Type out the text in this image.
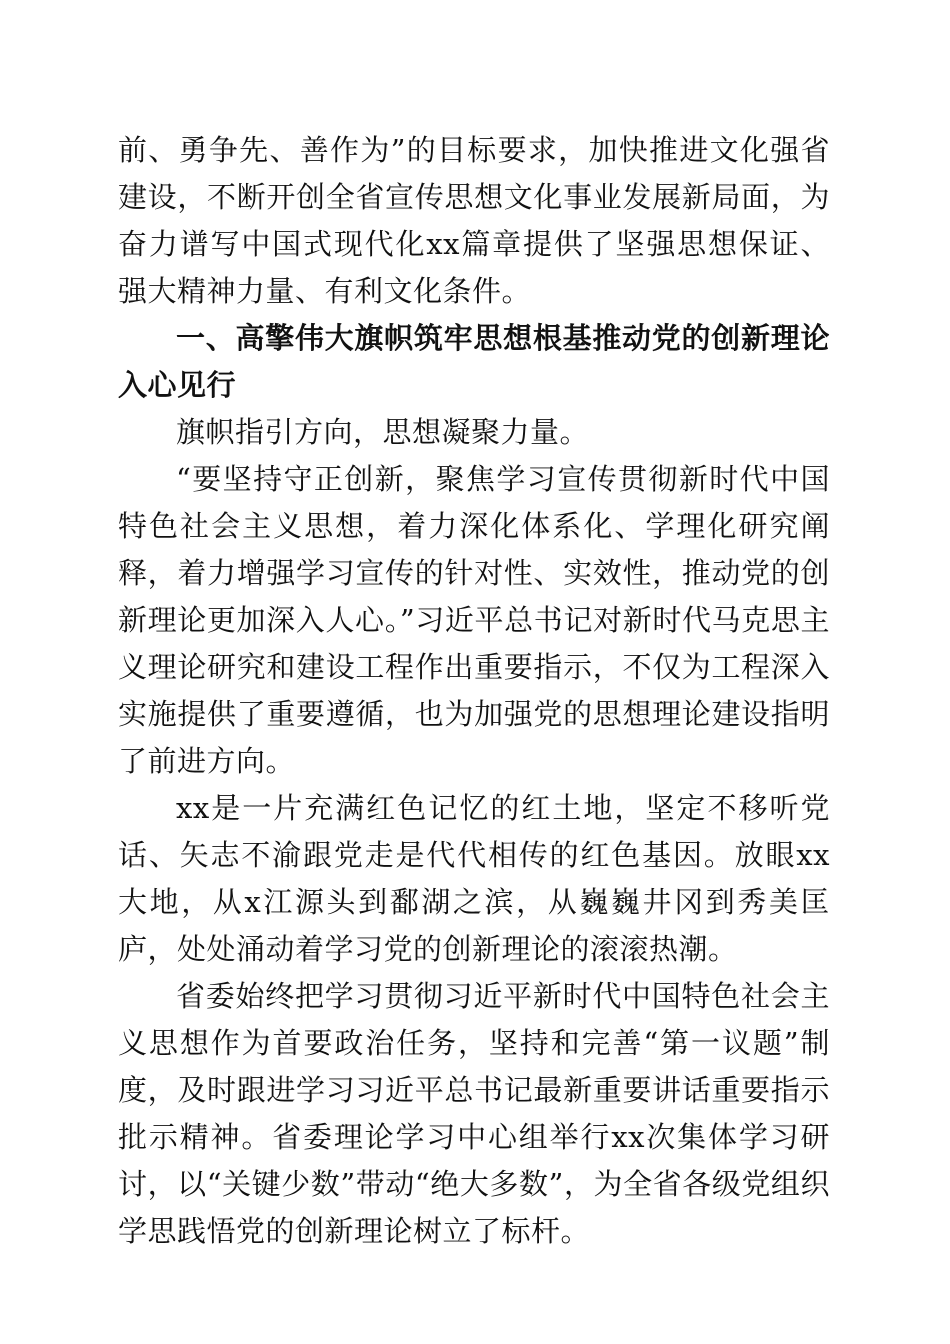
前、勇争先、善作为”的目标要求，加快推进文化强省建设，不断开创全省宣传思想文化事业发展新局面，为奋力谱写中国式现代化xx篇章提供了坚强思想保证、强大精神力量、有利文化条件。

一、高擎伟大旗帜筑牢思想根基推动党的创新理论入心见行

旗帜指引方向，思想凝聚力量。

“要坚持守正创新，聚焦学习宣传贯彻新时代中国特色社会主义思想，着力深化体系化、学理化研究阐释，着力增强学习宣传的针对性、实效性，推动党的创新理论更加深入人心。”习近平总书记对新时代马克思主义理论研究和建设工程作出重要指示，不仅为工程深入实施提供了重要遵循，也为加强党的思想理论建设指明了前进方向。

xx是一片充满红色记忆的红土地，坚定不移听党话、矢志不渝跟党走是代代相传的红色基因。放眼xx大地，从x江源头到鄱湖之滨，从巍巍井冈到秀美匡庐，处处涌动着学习党的创新理论的滚滚热潮。

省委始终把学习贯彻习近平新时代中国特色社会主义思想作为首要政治任务，坚持和完善“第一议题”制度，及时跟进学习习近平总书记最新重要讲话重要指示批示精神。省委理论学习中心组举行xx次集体学习研讨，以“关键少数”带动“绝大多数”，为全省各级党组织学思践悟党的创新理论树立了标杆。
